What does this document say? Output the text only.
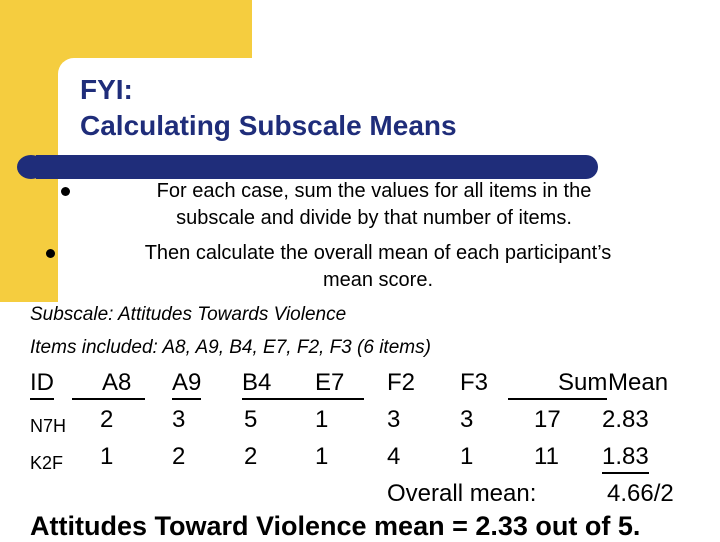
FYI:
Calculating Subscale Means
For each case, sum the values for all items in the
subscale and divide by that number of items.
Then calculate the overall mean of each participant’s
mean score.
Subscale: Attitudes Towards Violence
Items included: A8, A9, B4, E7, F2, F3 (6 items)
ID	A8	A9 B4	E7	F2 F3	Sum Mean
N7H 2 3 5 1 3 3	17 2.83
K2F 1 2 2 1 4 1	11 1.83
Overall mean:	4.66/2
Attitudes Toward Violence mean = 2.33 out of 5.
